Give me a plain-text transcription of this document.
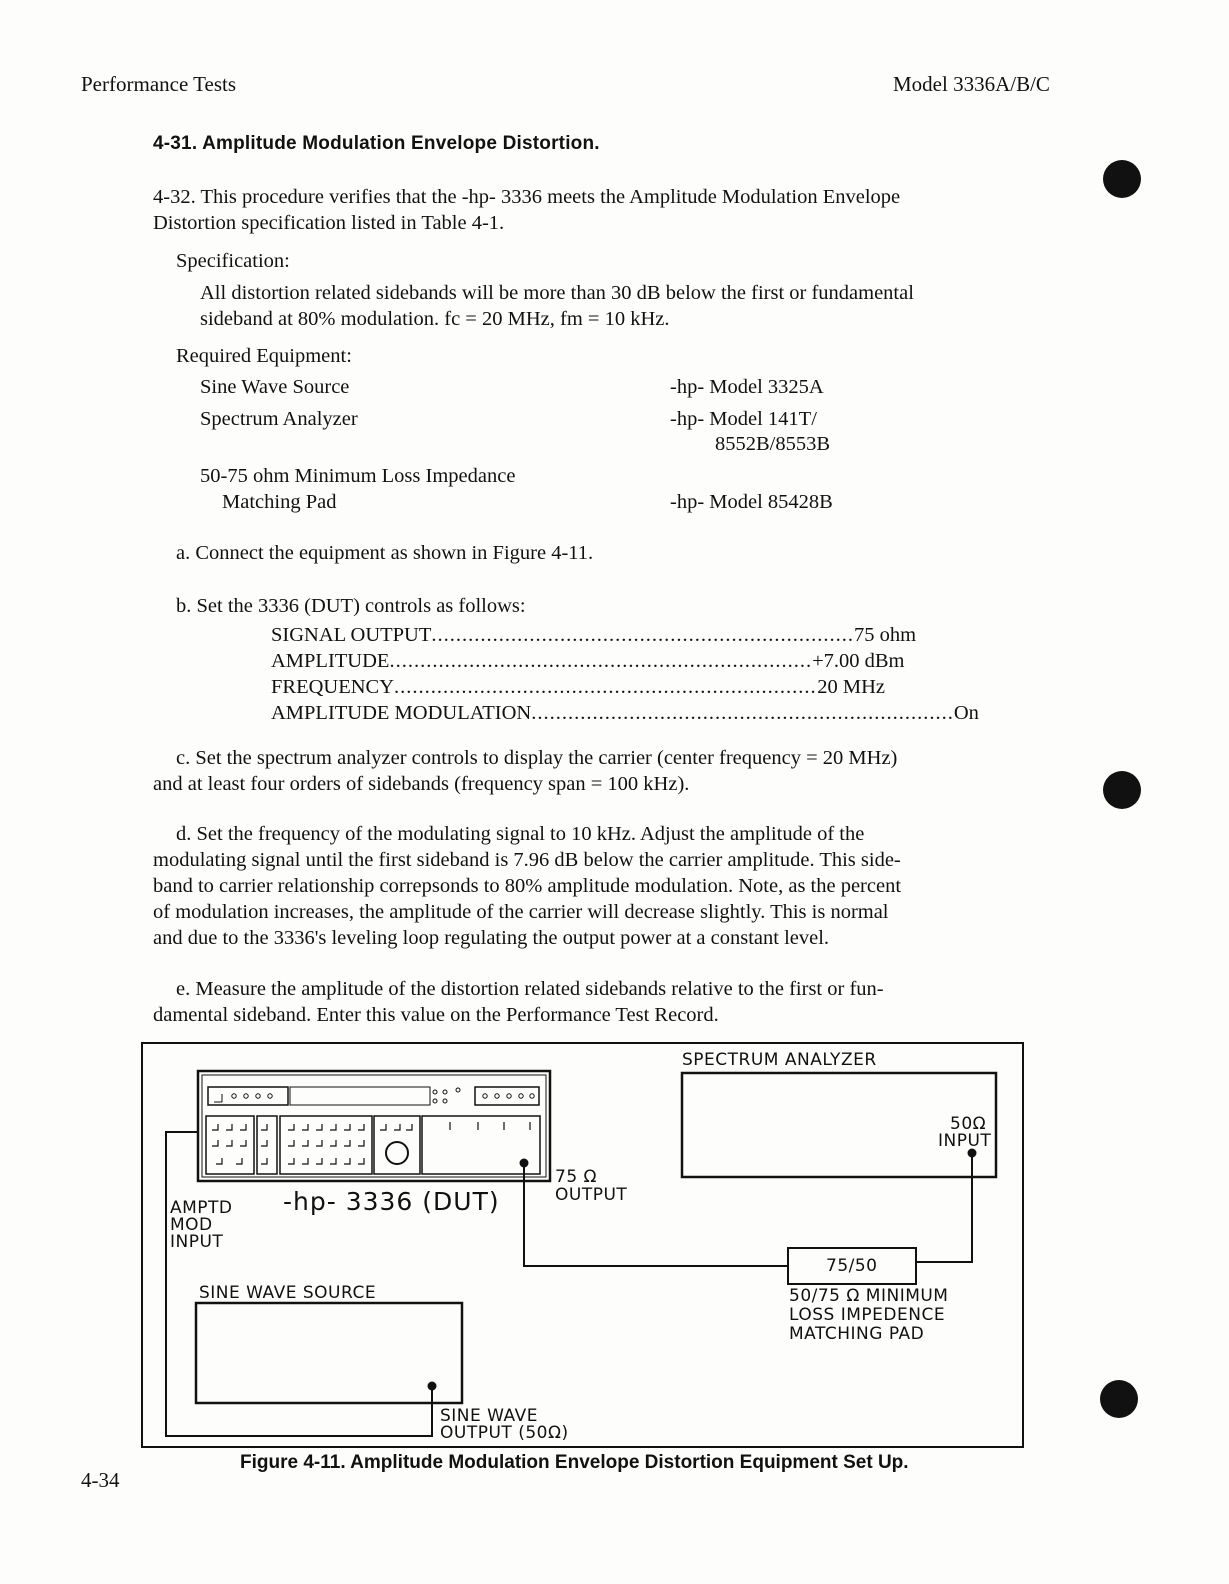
Performance Tests	Model 3336A/B/C
4-31. Amplitude Modulation Envelope Distortion.
4-32. This procedure verifies that the -hp- 3336 meets the Amplitude Modulation Envelope
Distortion specification listed in Table 4-1.
Specification:
All distortion related sidebands will be more than 30 dB below the first or fundamental
sideband at 80% modulation. fc = 20 MHz, fm = 10 kHz.
Required Equipment:
Sine Wave Source	-hp- Model 3325A
Spectrum Analyzer	-hp- Model 141T/
8552B/8553B
50-75 ohm Minimum Loss Impedance
Matching Pad	-hp- Model 85428B
a. Connect the equipment as shown in Figure 4-11.
b. Set the 3336 (DUT) controls as follows:
SIGNAL OUTPUT ..................................................................... 75 ohm
AMPLITUDE ..................................................................... +7.00 dBm
FREQUENCY ..................................................................... 20 MHz
AMPLITUDE MODULATION ..................................................................... On
c. Set the spectrum analyzer controls to display the carrier (center frequency = 20 MHz)
and at least four orders of sidebands (frequency span = 100 kHz).
d. Set the frequency of the modulating signal to 10 kHz. Adjust the amplitude of the
modulating signal until the first sideband is 7.96 dB below the carrier amplitude. This side-
band to carrier relationship correpsonds to 80% amplitude modulation. Note, as the percent
of modulation increases, the amplitude of the carrier will decrease slightly. This is normal
and due to the 3336's leveling loop regulating the output power at a constant level.
e. Measure the amplitude of the distortion related sidebands relative to the first or fun-
damental sideband. Enter this value on the Performance Test Record.
SPECTRUM ANALYZER
50Ω
INPUT
-hp- 3336 (DUT)
75 Ω
OUTPUT
AMPTD
MOD
INPUT
SINE WAVE SOURCE
75/50
50/75 Ω MINIMUM
LOSS IMPEDENCE
MATCHING PAD
SINE WAVE
OUTPUT (50Ω)
Figure 4-11. Amplitude Modulation Envelope Distortion Equipment Set Up.
4-34
